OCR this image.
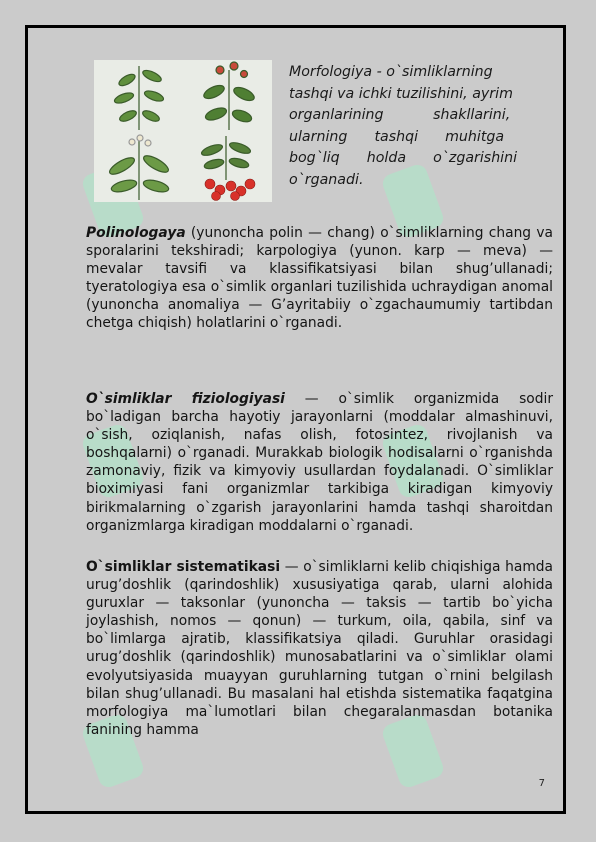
Morfologiya - o`simliklarning
tashqi va ichki tuzilishini, ayrim
organlarining           shakllarini,
ularning      tashqi      muhitga
bog`liq      holda      o`zgarishini
o`rganadi.
Polinologaya (yunoncha polin — chang) o`simliklarning chang va sporalarini tekshiradi; karpologiya (yunon. karp — meva) — mevalar tavsifi va klassifikatsiyasi bilan shug’ullanadi; tyeratologiya esa o`simlik organlari tuzilishida uchraydigan anomal (yunoncha anomaliya — G’ayritabiiy o`zgachaumumiy tartibdan chetga chiqish) holatlarini o`rganadi.
O`simliklar fiziologiyasi — o`simlik organizmida sodir bo`ladigan barcha hayotiy jarayonlarni (moddalar almashinuvi, o`sish, oziqlanish, nafas olish, fotosintez, rivojlanish va boshqalarni) o`rganadi. Murakkab biologik hodisalarni o`rganishda zamonaviy, fizik va kimyoviy usullardan foydalanadi. O`simliklar bioximiyasi fani organizmlar tarkibiga kiradigan kimyoviy birikmalarning o`zgarish jarayonlarini hamda tashqi sharoitdan organizmlarga kiradigan moddalarni o`rganadi.
O`simliklar sistematikasi — o`simliklarni kelib chiqishiga hamda urug’doshlik (qarindoshlik) xususiyatiga qarab, ularni alohida guruxlar — taksonlar (yunoncha — taksis — tartib bo`yicha joylashish, nomos — qonun) — turkum, oila, qabila, sinf va bo`limlarga ajratib, klassifikatsiya qiladi. Guruhlar orasidagi urug’doshlik (qarindoshlik) munosabatlarini va o`simliklar olami evolyutsiyasida muayyan guruhlarning tutgan o`rnini belgilash bilan shug’ullanadi. Bu masalani hal etishda sistematika faqatgina morfologiya ma`lumotlari bilan chegaralanmasdan botanika fanining hamma
7
